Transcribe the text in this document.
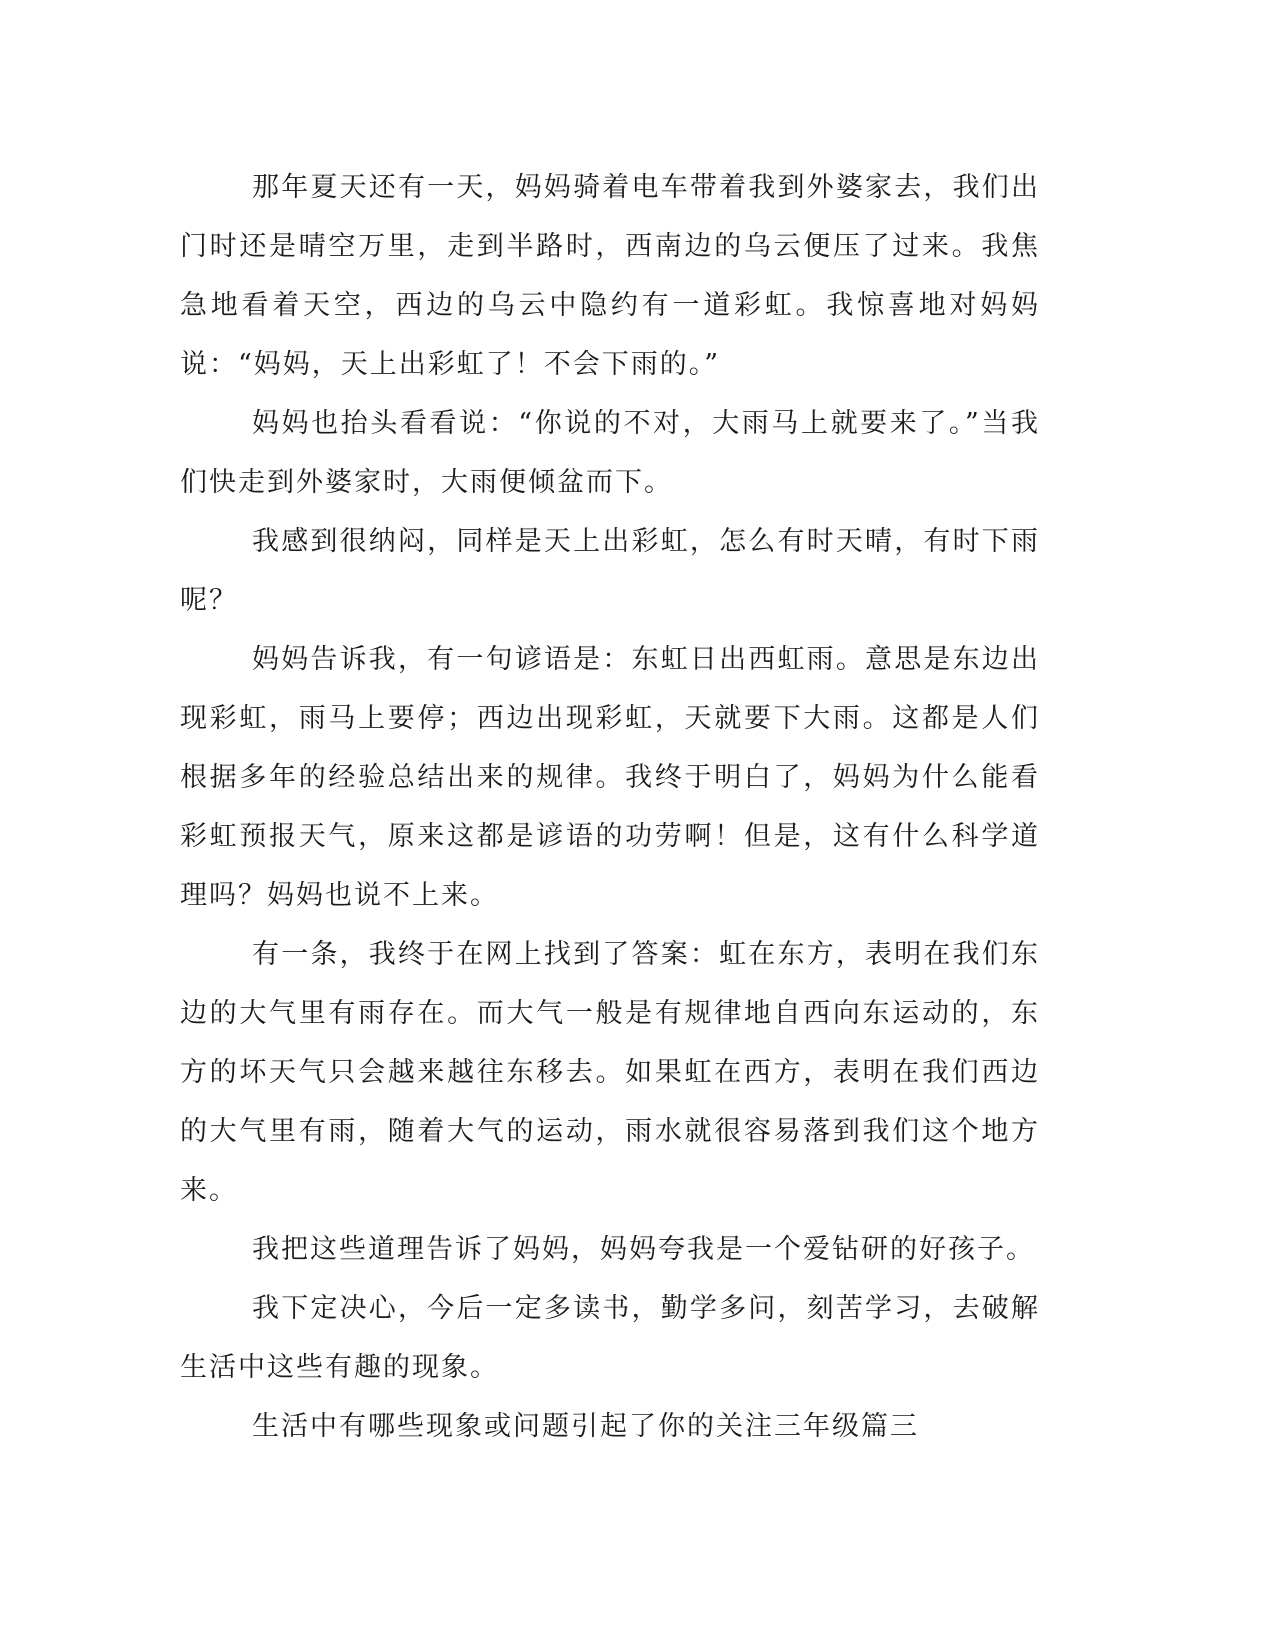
那年夏天还有一天，妈妈骑着电车带着我到外婆家去，我们出门时还是晴空万里，走到半路时，西南边的乌云便压了过来。我焦急地看着天空，西边的乌云中隐约有一道彩虹。我惊喜地对妈妈说：“妈妈，天上出彩虹了！不会下雨的。”

妈妈也抬头看看说：“你说的不对，大雨马上就要来了。”当我们快走到外婆家时，大雨便倾盆而下。

我感到很纳闷，同样是天上出彩虹，怎么有时天晴，有时下雨呢？

妈妈告诉我，有一句谚语是：东虹日出西虹雨。意思是东边出现彩虹，雨马上要停；西边出现彩虹，天就要下大雨。这都是人们根据多年的经验总结出来的规律。我终于明白了，妈妈为什么能看彩虹预报天气，原来这都是谚语的功劳啊！但是，这有什么科学道理吗？妈妈也说不上来。

有一条，我终于在网上找到了答案：虹在东方，表明在我们东边的大气里有雨存在。而大气一般是有规律地自西向东运动的，东方的坏天气只会越来越往东移去。如果虹在西方，表明在我们西边的大气里有雨，随着大气的运动，雨水就很容易落到我们这个地方来。

我把这些道理告诉了妈妈，妈妈夸我是一个爱钻研的好孩子。

我下定决心，今后一定多读书，勤学多问，刻苦学习，去破解生活中这些有趣的现象。

生活中有哪些现象或问题引起了你的关注三年级篇三
